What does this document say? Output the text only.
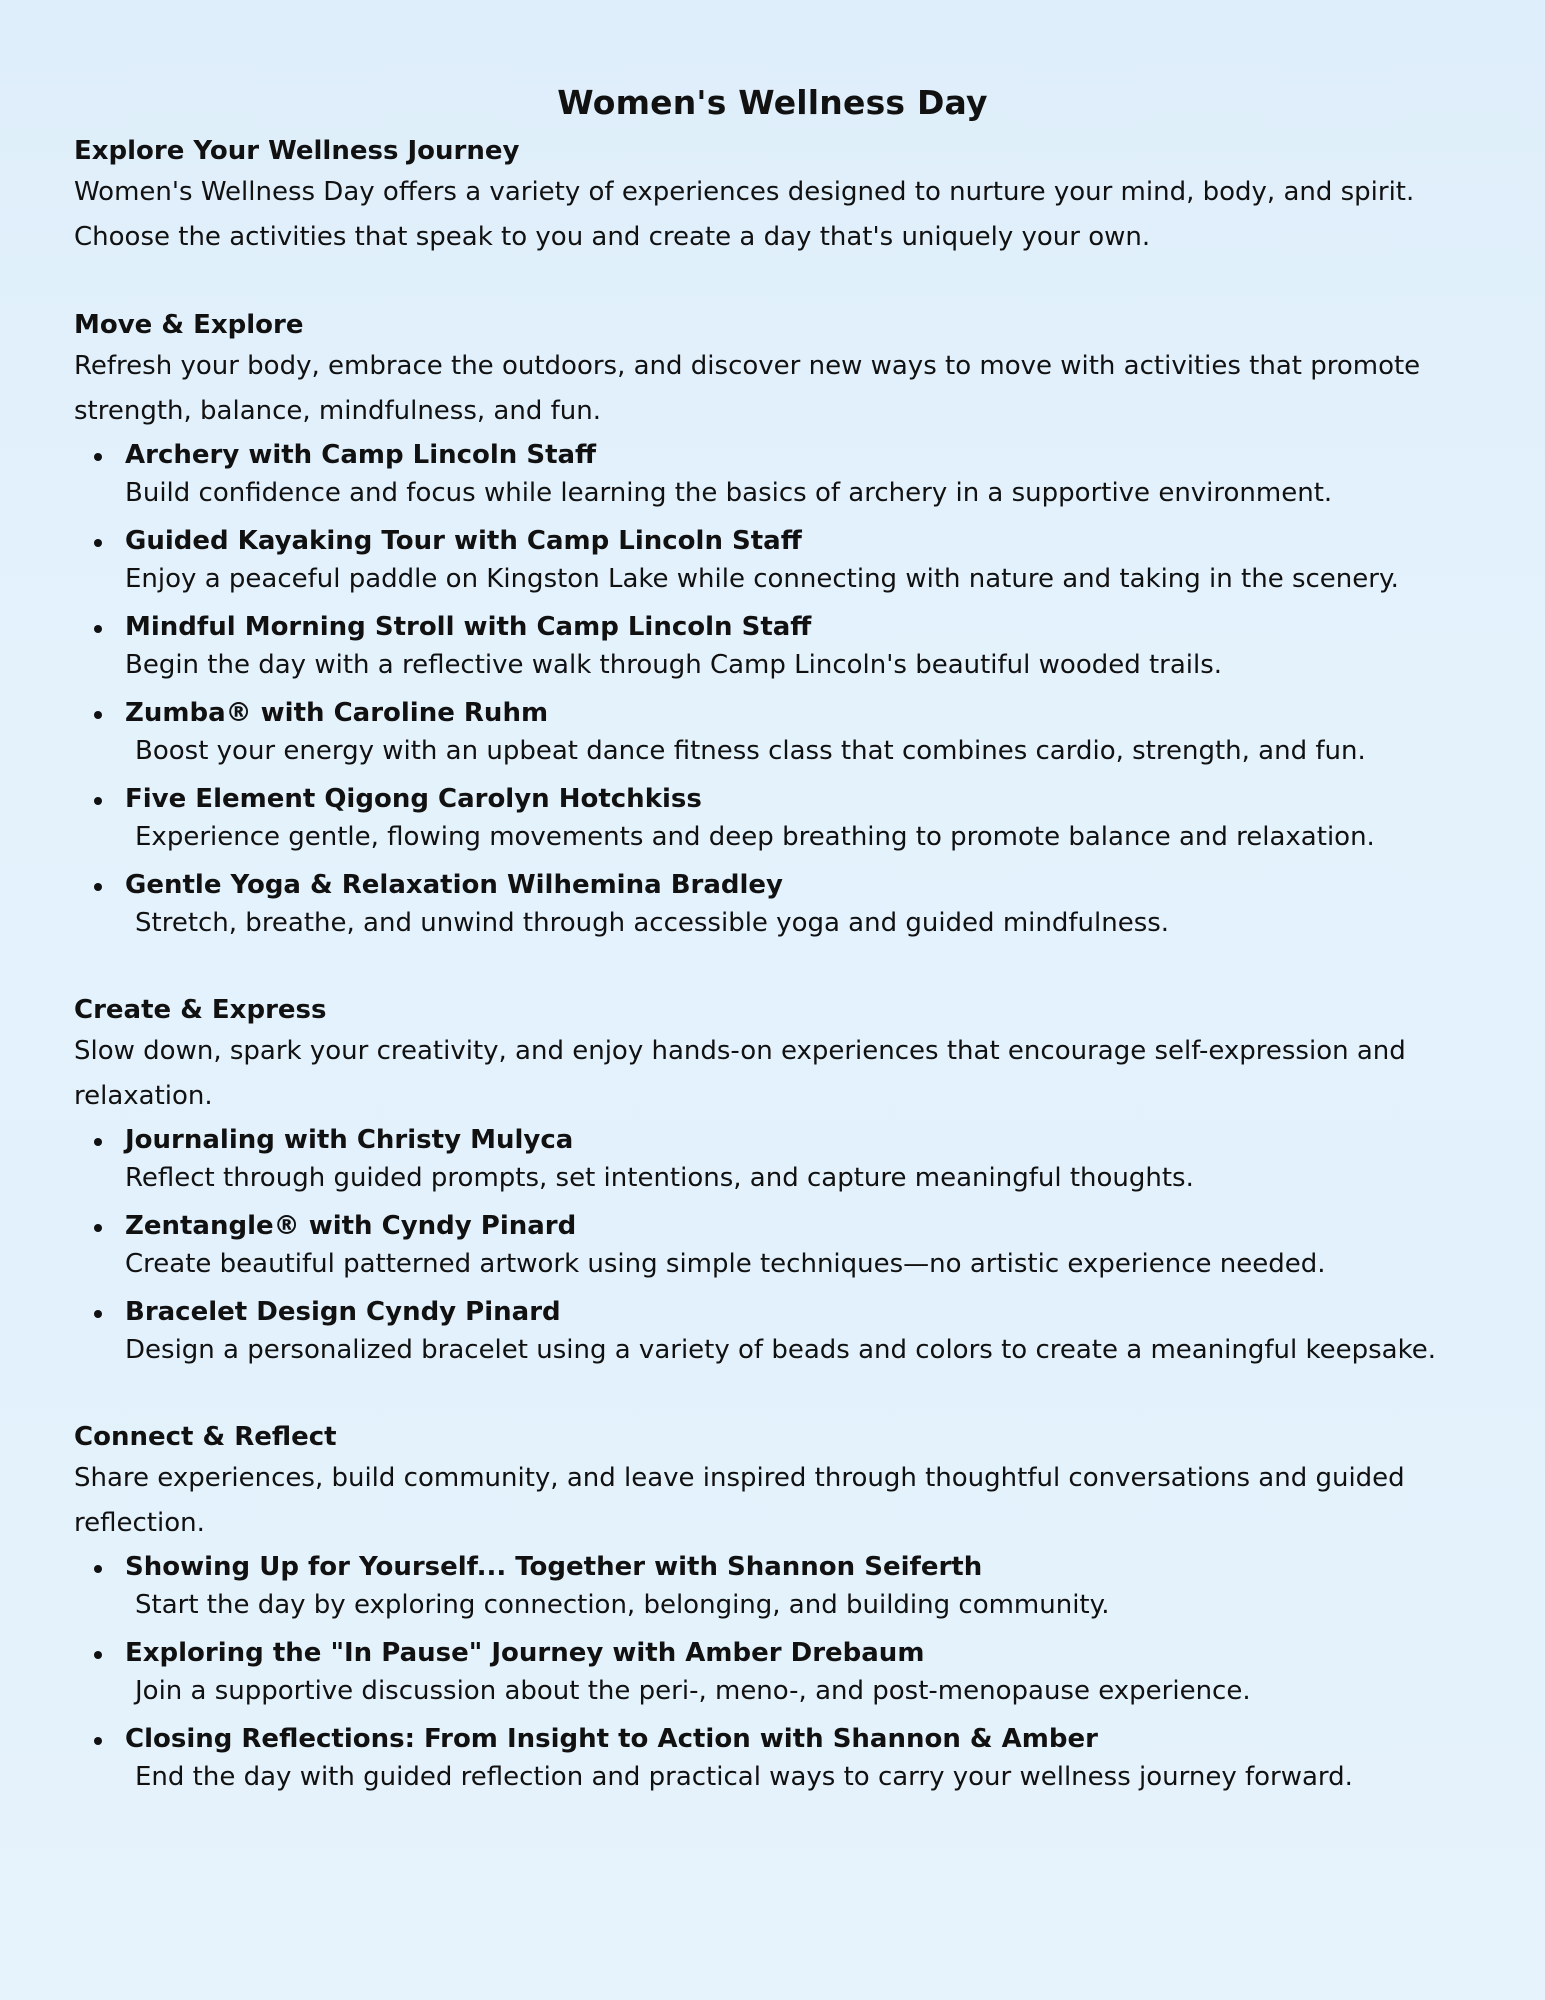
Women's Wellness Day
Explore Your Wellness Journey

Women's Wellness Day offers a variety of experiences designed to nurture your mind, body, and spirit. Choose the activities that speak to you and create a day that's uniquely your own.

Move & Explore

Refresh your body, embrace the outdoors, and discover new ways to move with activities that promote strength, balance, mindfulness, and fun.

Archery with Camp Lincoln Staff
Build confidence and focus while learning the basics of archery in a supportive environment.
Guided Kayaking Tour with Camp Lincoln Staff
Enjoy a peaceful paddle on Kingston Lake while connecting with nature and taking in the scenery.
Mindful Morning Stroll with Camp Lincoln Staff
Begin the day with a reflective walk through Camp Lincoln's beautiful wooded trails.
Zumba® with Caroline Ruhm
Boost your energy with an upbeat dance fitness class that combines cardio, strength, and fun.
Five Element Qigong Carolyn Hotchkiss
Experience gentle, flowing movements and deep breathing to promote balance and relaxation.
Gentle Yoga & Relaxation Wilhemina Bradley
Stretch, breathe, and unwind through accessible yoga and guided mindfulness.
Create & Express

Slow down, spark your creativity, and enjoy hands-on experiences that encourage self-expression and relaxation.

Journaling with Christy Mulyca
Reflect through guided prompts, set intentions, and capture meaningful thoughts.
Zentangle® with Cyndy Pinard
Create beautiful patterned artwork using simple techniques—no artistic experience needed.
Bracelet Design Cyndy Pinard
Design a personalized bracelet using a variety of beads and colors to create a meaningful keepsake.
Connect & Reflect

Share experiences, build community, and leave inspired through thoughtful conversations and guided reflection.

Showing Up for Yourself... Together with Shannon Seiferth
Start the day by exploring connection, belonging, and building community.
Exploring the "In Pause" Journey with Amber Drebaum
Join a supportive discussion about the peri-, meno-, and post-menopause experience.
Closing Reflections: From Insight to Action with Shannon & Amber
End the day with guided reflection and practical ways to carry your wellness journey forward.
